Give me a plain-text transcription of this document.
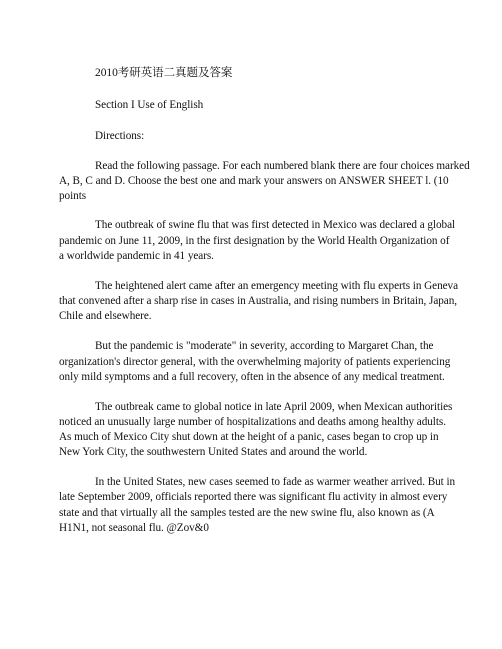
2010考研英语二真题及答案
Section I Use of English
Directions:
Read the following passage. For each numbered blank there are four choices marked
A, B, C and D. Choose the best one and mark your answers on ANSWER SHEET l. (10
points
The outbreak of swine flu that was first detected in Mexico was declared a global
pandemic on June 11, 2009, in the first designation by the World Health Organization of
a worldwide pandemic in 41 years.
The heightened alert came after an emergency meeting with flu experts in Geneva
that convened after a sharp rise in cases in Australia, and rising numbers in Britain, Japan,
Chile and elsewhere.
But the pandemic is "moderate" in severity, according to Margaret Chan, the
organization's director general, with the overwhelming majority of patients experiencing
only mild symptoms and a full recovery, often in the absence of any medical treatment.
The outbreak came to global notice in late April 2009, when Mexican authorities
noticed an unusually large number of hospitalizations and deaths among healthy adults.
As much of Mexico City shut down at the height of a panic, cases began to crop up in
New York City, the southwestern United States and around the world.
In the United States, new cases seemed to fade as warmer weather arrived. But in
late September 2009, officials reported there was significant flu activity in almost every
state and that virtually all the samples tested are the new swine flu, also known as (A
H1N1, not seasonal flu. @Zov&0
